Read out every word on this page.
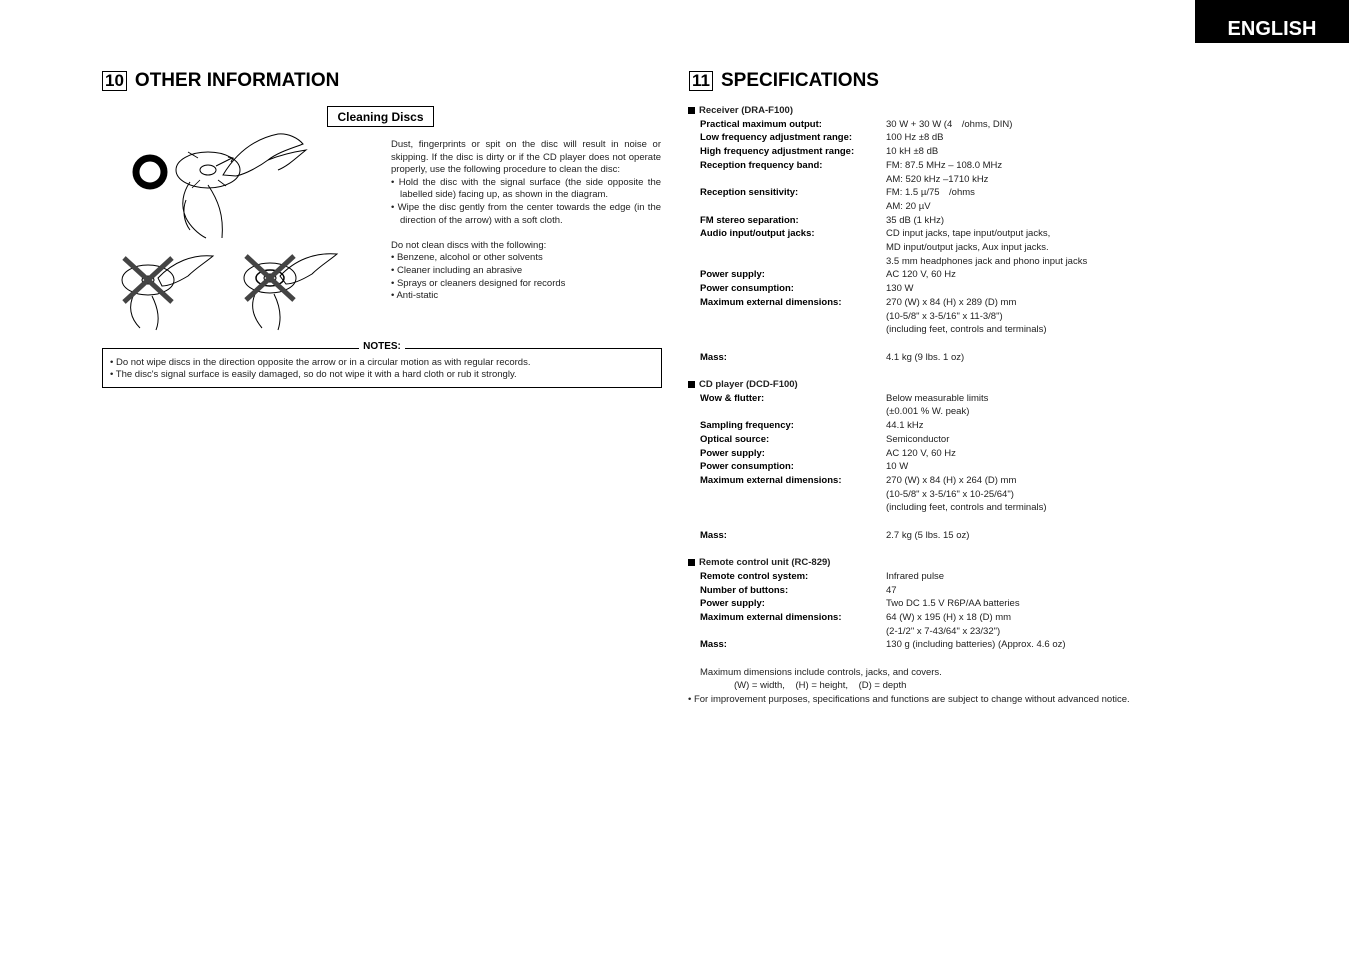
ENGLISH
10 OTHER INFORMATION
Cleaning Discs
Dust, fingerprints or spit on the disc will result in noise or skipping. If the disc is dirty or if the CD player does not operate properly, use the following procedure to clean the disc:
• Hold the disc with the signal surface (the side opposite the labelled side) facing up, as shown in the diagram.
• Wipe the disc gently from the center towards the edge (in the direction of the arrow) with a soft cloth.
Do not clean discs with the following:
• Benzene, alcohol or other solvents
• Cleaner including an abrasive
• Sprays or cleaners designed for records
• Anti-static
NOTES:
• Do not wipe discs in the direction opposite the arrow or in a circular motion as with regular records.
• The disc's signal surface is easily damaged, so do not wipe it with a hard cloth or rub it strongly.
11 SPECIFICATIONS
Receiver (DRA-F100)
Practical maximum output:	30 W + 30 W (4 /ohms, DIN)
Low frequency adjustment range:	100 Hz ±8 dB
High frequency adjustment range:	10 kH ±8 dB
Reception frequency band:	FM: 87.5 MHz – 108.0 MHz
AM: 520 kHz –1710 kHz
Reception sensitivity:	FM: 1.5 µ/75 /ohms
AM: 20 µV
FM stereo separation:	35 dB (1 kHz)
Audio input/output jacks:	CD input jacks, tape input/output jacks,
MD input/output jacks, Aux input jacks.
3.5 mm headphones jack and phono input jacks
Power supply:	AC 120 V, 60 Hz
Power consumption:	130 W
Maximum external dimensions:	270 (W) x 84 (H) x 289 (D) mm
(10-5/8" x 3-5/16" x 11-3/8")
(including feet, controls and terminals)
Mass:	4.1 kg (9 lbs. 1 oz)
CD player (DCD-F100)
Wow & flutter:	Below measurable limits
(±0.001 % W. peak)
Sampling frequency:	44.1 kHz
Optical source:	Semiconductor
Power supply:	AC 120 V, 60 Hz
Power consumption:	10 W
Maximum external dimensions:	270 (W) x 84 (H) x 264 (D) mm
(10-5/8" x 3-5/16" x 10-25/64")
(including feet, controls and terminals)
Mass:	2.7 kg (5 lbs. 15 oz)
Remote control unit (RC-829)
Remote control system:	Infrared pulse
Number of buttons:	47
Power supply:	Two DC 1.5 V R6P/AA batteries
Maximum external dimensions:	64 (W) x 195 (H) x 18 (D) mm
(2-1/2" x 7-43/64" x 23/32")
Mass:	130 g (including batteries) (Approx. 4.6 oz)
Maximum dimensions include controls, jacks, and covers.
(W) = width,    (H) = height,    (D) = depth
• For improvement purposes, specifications and functions are subject to change without advanced notice.
